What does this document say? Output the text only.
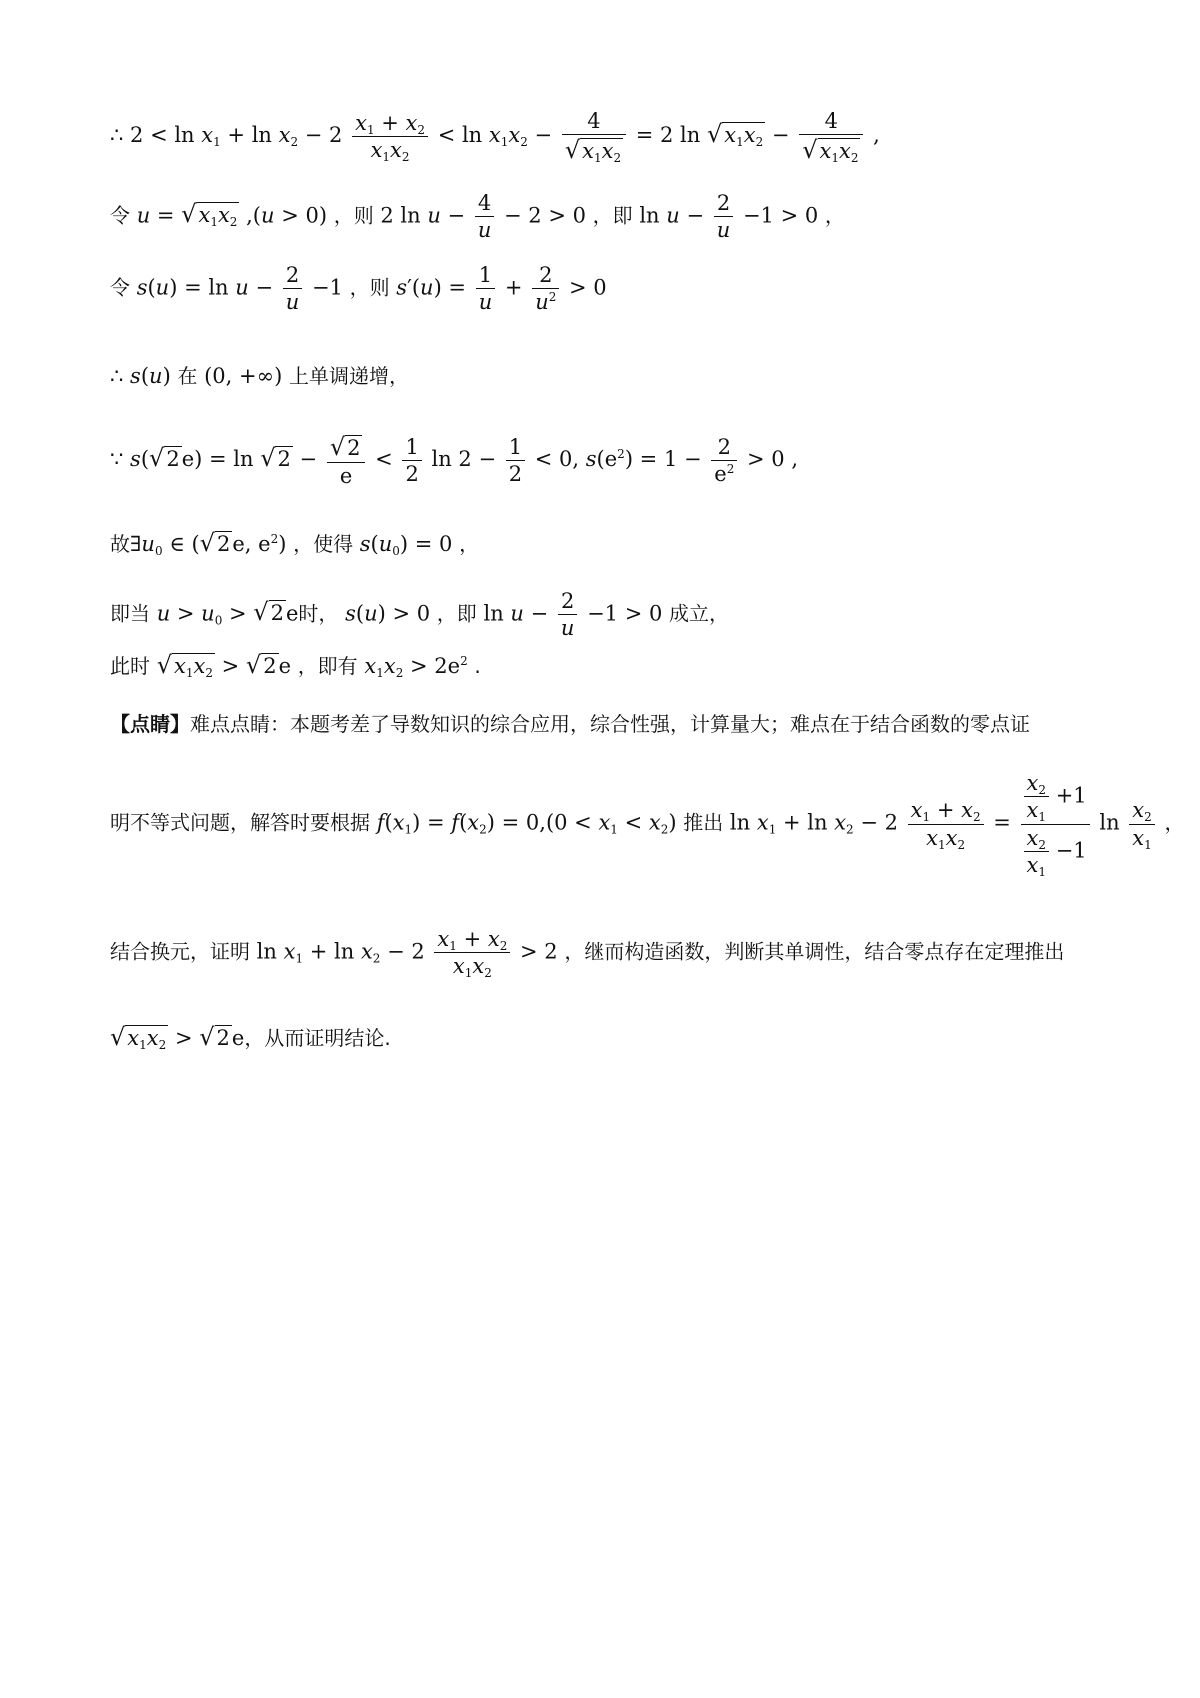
∴ $2 < \ln x_1 + \ln x_2 - 2 \frac{x_1 + x_2}{x_1x_2} < \ln x_1x_2 - \frac{4}{√x_1x_2} = 2$ $\ln √x_1x_2 - \frac{4}{√x_1x_2}$ ,
令 $u = √x_1x_2$ ,(u > 0) ，则 2 $\ln u - \frac{4}{u} - 2 > 0$ ，即 $\ln u - \frac{2}{u} -1 > 0$ ，
令 $s(u) = \ln u - \frac{2}{u} -1$ ，则 $s'(u) = \frac{1}{u} + \frac{2}{u^2} > 0$
∴ s(u) 在 (0, +∞) 上单调递增，
∵ $s(√2e) = \ln √2 - \frac{√2}{e} < \frac{1}{2}$ $\ln 2 - \frac{1}{2} < 0$, $s(e^2) = 1 - \frac{2}{e^2} > 0$ ,
故$\exists u_0$ ∈ (√2e, $e^2$) ，使得 $s(u_0) = 0$ ，
即当 $u > u_0 > √2e$时， s(u) > 0 ，即 $\ln u - \frac{2}{u} -1 > 0$ 成立，
此时 $√x_1x_2 > √2e$ ，即有 $x_1x_2 > 2e^2$ .
【点睛】难点点睛：本题考差了导数知识的综合应用，综合性强，计算量大；难点在于结合函数的零点证
明不等式问题，解答时要根据 $f(x_1) = f(x_2) = 0,(0 < x_1 < x_2)$ 推出 $\ln x_1 + \ln x_2 - 2 \frac{x_1 + x_2}{x_1x_2} = \frac{\frac{x_2}{x_1} +1}{\frac{x_2}{x_1} -1}$ $\ln \frac{x_2}{x_1}$ ，
结合换元，证明 $\ln x_1 + \ln x_2 - 2 \frac{x_1 + x_2}{x_1x_2} > 2$ ，继而构造函数，判断其单调性，结合零点存在定理推出
$√x_1x_2 > √2e$，从而证明结论.
